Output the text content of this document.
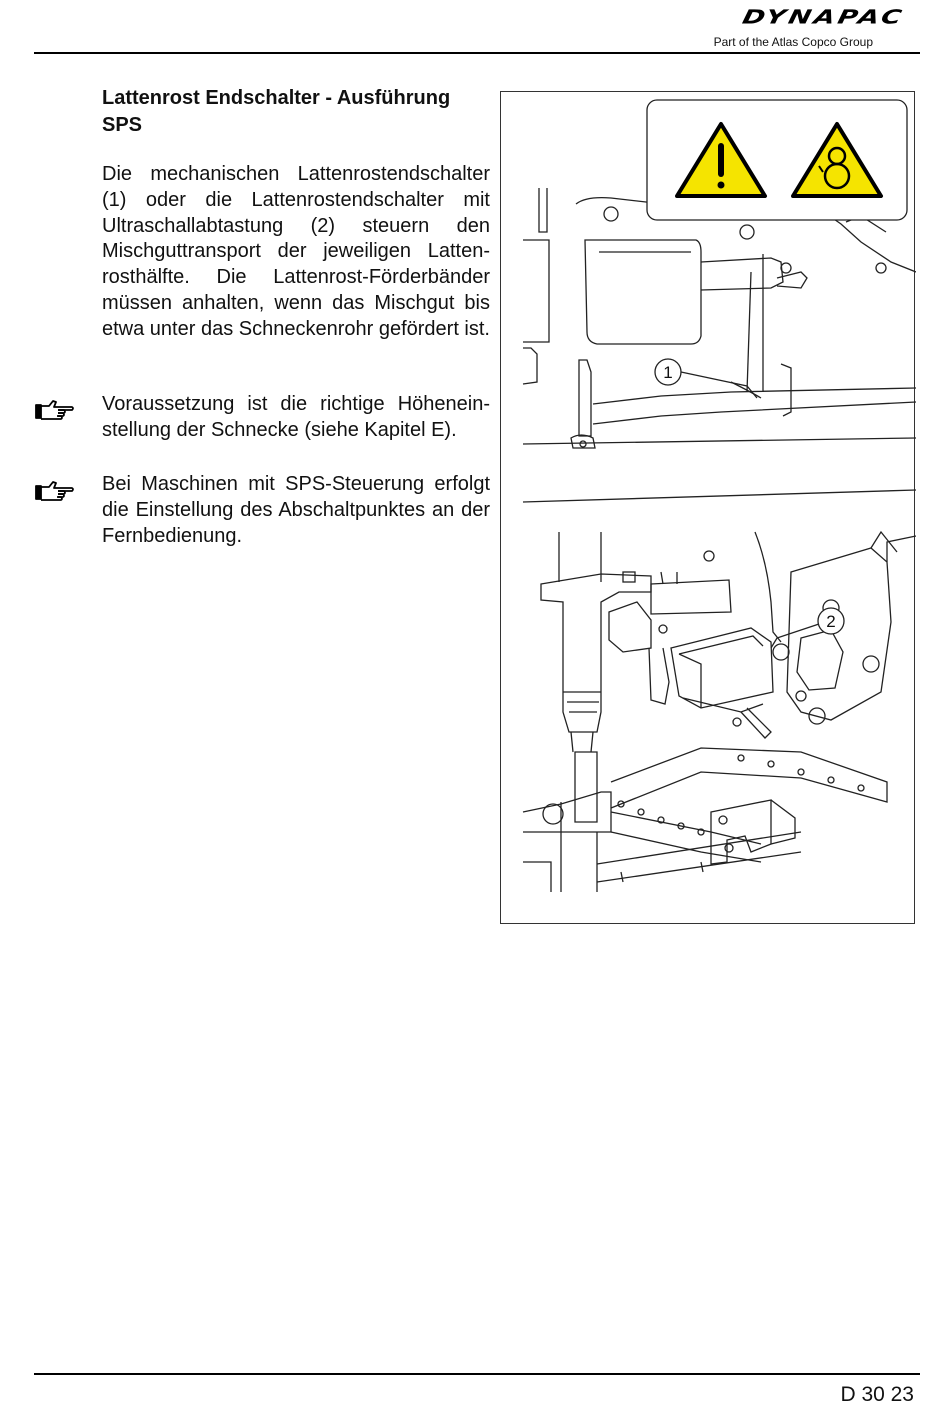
DYNAPAC
Part of the Atlas Copco Group
Lattenrost Endschalter - Ausführung SPS
Die mechanischen Lattenrostendschalter (1) oder die Lattenrostendschalter mit Ultraschallabtastung (2) steuern den Mischguttransport der jeweiligen Lattenrosthälfte. Die Lattenrost-Förderbänder müssen anhalten, wenn das Mischgut bis etwa unter das Schneckenrohr gefördert ist.
Voraussetzung ist die richtige Höheneinstellung der Schnecke (siehe Kapitel E).
Bei Maschinen mit SPS-Steuerung erfolgt die Einstellung des Abschaltpunktes an der Fernbedienung.
1
2
D 30 23
